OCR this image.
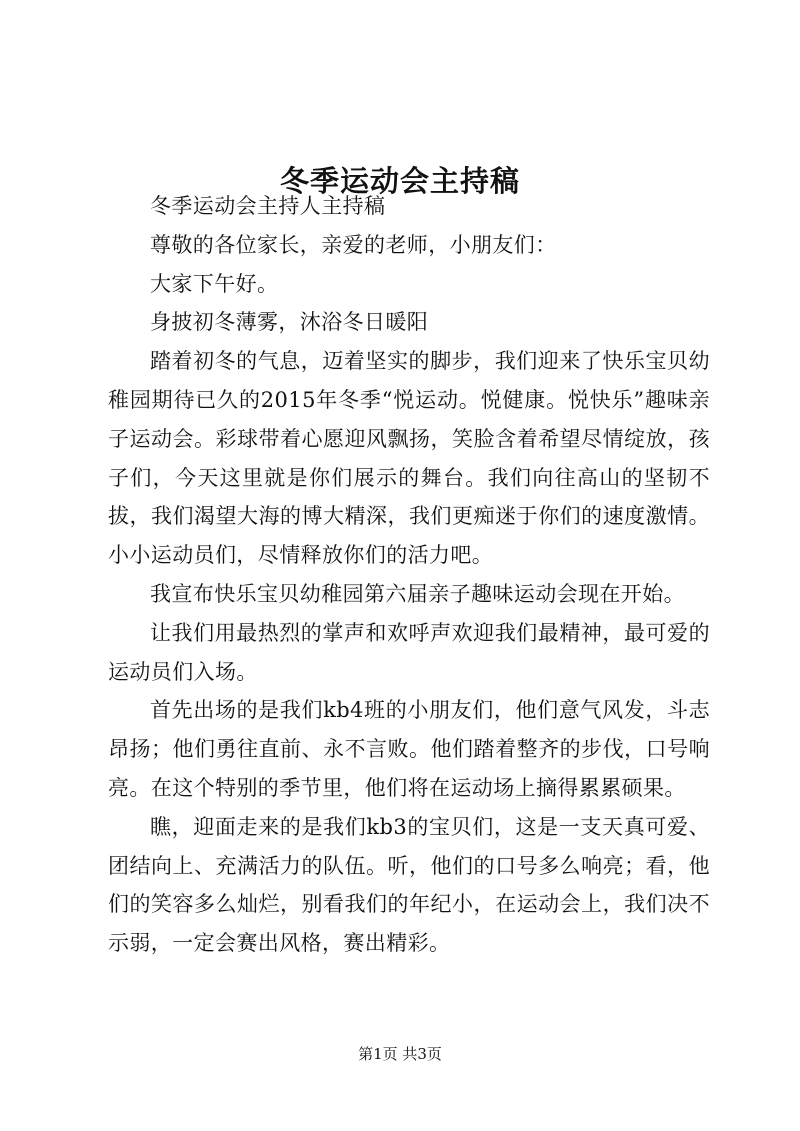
冬季运动会主持稿

冬季运动会主持人主持稿

尊敬的各位家长，亲爱的老师，小朋友们：

大家下午好。

身披初冬薄雾，沐浴冬日暖阳

踏着初冬的气息，迈着坚实的脚步，我们迎来了快乐宝贝幼稚园期待已久的2015年冬季“悦运动。悦健康。悦快乐”趣味亲子运动会。彩球带着心愿迎风飘扬，笑脸含着希望尽情绽放，孩子们，今天这里就是你们展示的舞台。我们向往高山的坚韧不拔，我们渴望大海的博大精深，我们更痴迷于你们的速度激情。小小运动员们，尽情释放你们的活力吧。

我宣布快乐宝贝幼稚园第六届亲子趣味运动会现在开始。

让我们用最热烈的掌声和欢呼声欢迎我们最精神，最可爱的运动员们入场。

首先出场的是我们kb4班的小朋友们，他们意气风发，斗志昂扬；他们勇往直前、永不言败。他们踏着整齐的步伐，口号响亮。在这个特别的季节里，他们将在运动场上摘得累累硕果。

瞧，迎面走来的是我们kb3的宝贝们，这是一支天真可爱、团结向上、充满活力的队伍。听，他们的口号多么响亮；看，他们的笑容多么灿烂，别看我们的年纪小，在运动会上，我们决不示弱，一定会赛出风格，赛出精彩。

第1页 共3页
